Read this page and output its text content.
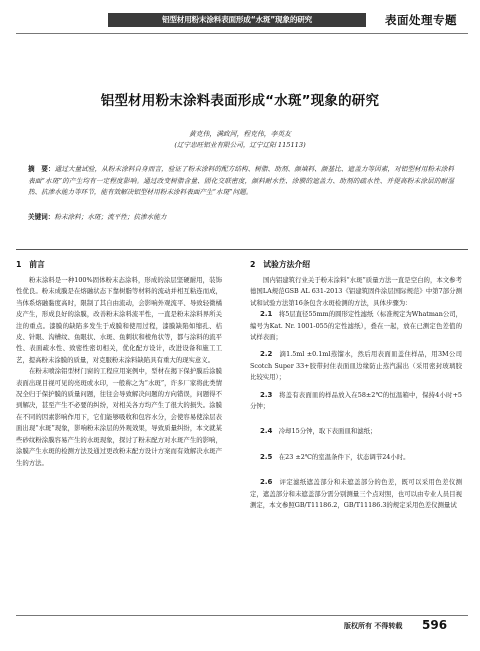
铝型材用粉末涂料表面形成“水斑”现象的研究	表面处理专题
铝型材用粉末涂料表面形成“水斑”现象的研究
黄克伟，满政河，程克伟，李英友
(辽宁忠旺铝业有限公司，辽宁辽阳 115113)
摘　要：通过大量试验，从粉末涂料自身而言，验证了粉末涂料的配方结构、树脂、助剂、颜填料、颜基比、遮盖力等因素，对铝型材用粉末涂料表面“水斑”的产生均有一定程度影响。通过改变树脂含量、固化交联密度，颜料耐水性、涂膜的遮盖力、助剂的疏水性、并提高粉末涂层的耐湿热、抗渗水能力等环节，能有效解决铝型材用粉末涂料表面产生“水斑”问题。
关键词：粉末涂料；水斑；流平性；抗渗水能力
1　前言

粉末涂料是一种100%固体粉末态涂料，形成的涂层坚硬耐用，装饰性优良。粉末成膜是在熔融状态下靠树脂等材料的流动并相互粘连而成，当体系熔融黏度高时，限制了其自由流动，会影响外观流平、导致轻微橘皮产生，形成良好的涂膜，改善粉末涂料流平性，一直是粉末涂料界所关注的重点。漆膜的缺陷多发生于成膜和使用过程，漆膜缺陷如缩孔、桔皮、针眼、沟槽纹、鱼眼状、水斑、鱼刺状和棱角状等，都与涂料的流平性、表面疏水性、致密性密切相关，优化配方设计，改进设备和施工工艺，提高粉末涂膜的质量，对克服粉末涂料缺陷具有重大的现实意义。

在粉末喷涂铝型材门窗的工程应用案例中，型材在揭下保护膜后涂膜表面出现目视可见的亮斑或水印，一般称之为“水斑”，许多厂家将此类情况全归于保护膜的质量问题，往往会导致解决问题的方向错误，问题得不到解决，甚至产生不必要的纠纷，对相关各方均产生了很大的损失。涂膜在不同的因素影响作用下，它们能够吸收和包容水分，会使容易使涂层表面出现“水斑”现象，影响粉末涂层的外观效果，导致质量纠纷，本文就某些砂纹粉涂膜容易产生的水斑现象，探讨了粉末配方对水斑产生的影响，涂膜产生水斑的检测方法及通过更改粉末配方设计方案而有效解决水斑产生的方法。

2　试验方法介绍

国内铝建筑行业关于粉末涂料“水斑”质量方法一直是空白的，本文参考德国LA规范GSB AL 631-2013《铝建筑固件涂层国际规范》中第7部分测试和试验方法第16条包含水斑检测的方法，具体步骤为：

2.1　 将5层直径55mm的圆形定性滤纸（标准规定为Whatman公司，编号为Kat. Nr. 1001-055的定性滤纸），叠在一起，放在已测定色差值的试样表面；

2.2　 滴1.5ml ±0.1ml蒸馏水，然后用表面皿盖住样品，用3M公司Scotch Super 33+胶带封住表面皿边缘防止蒸汽漏出（采用密封玻璃胶比较实用）；

2.3　 将盖有表面皿的样品放入在58±2℃的恒温箱中，保持4小时+5分钟；

2.4　 冷却15分钟，取下表面皿和滤纸；

2.5　 在23 ±2℃的室温条件下，状态调节24小时。

2.6　 评定滤纸遮盖部分和未遮盖部分的色差，既可以采用色差仪测定，遮盖部分和未遮盖部分需分别测量三个点对照，也可以由专业人员目视测定，本文参照GB/T11186.2，GB/T11186.3的规定采用色差仪测量试

版权所有 不得转载 596
